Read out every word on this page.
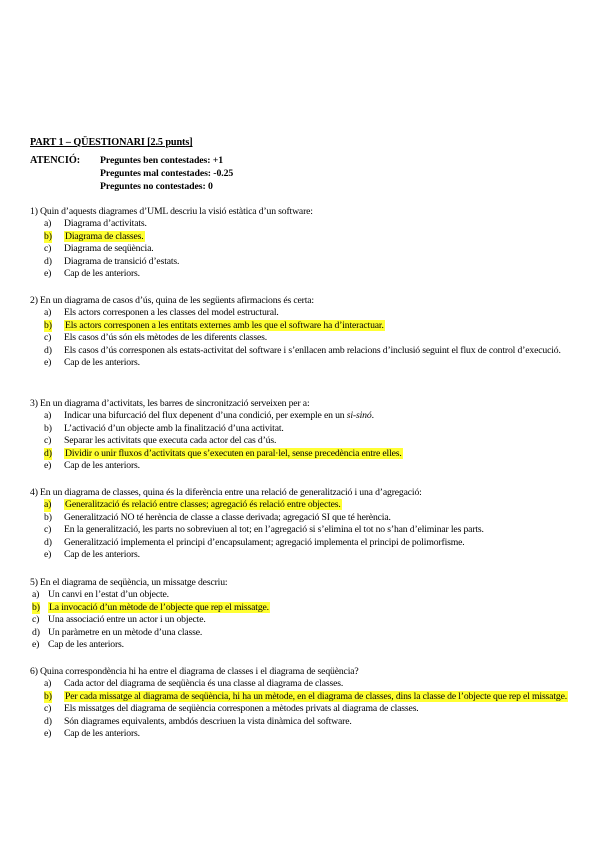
PART 1 – QÜESTIONARI [2.5 punts]
ATENCIÓ: Preguntes ben contestades: +1
Preguntes mal contestades: -0.25
Preguntes no contestades: 0
1) Quin d’aquests diagrames d’UML descriu la visió estàtica d’un software:
a) Diagrama d’activitats.
b) Diagrama de classes.
c) Diagrama de seqüència.
d) Diagrama de transició d’estats.
e) Cap de les anteriors.
2) En un diagrama de casos d’ús, quina de les següents afirmacions és certa:
a) Els actors corresponen a les classes del model estructural.
b) Els actors corresponen a les entitats externes amb les que el software ha d’interactuar.
c) Els casos d’ús són els mètodes de les diferents classes.
d) Els casos d’ús corresponen als estats-activitat del software i s’enllacen amb relacions d’inclusió seguint el flux de control d’execució.
e) Cap de les anteriors.
3) En un diagrama d’activitats, les barres de sincronització serveixen per a:
a) Indicar una bifurcació del flux depenent d’una condició, per exemple en un si-sinó.
b) L’activació d’un objecte amb la finalització d’una activitat.
c) Separar les activitats que executa cada actor del cas d’ús.
d) Dividir o unir fluxos d’activitats que s’executen en paral·lel, sense precedència entre elles.
e) Cap de les anteriors.
4) En un diagrama de classes, quina és la diferència entre una relació de generalització i una d’agregació:
a) Generalització és relació entre classes; agregació és relació entre objectes.
b) Generalització NO té herència de classe a classe derivada; agregació SI que té herència.
c) En la generalització, les parts no sobreviuen al tot; en l’agregació si s’elimina el tot no s’han d’eliminar les parts.
d) Generalització implementa el principi d’encapsulament; agregació implementa el principi de polimorfisme.
e) Cap de les anteriors.
5) En el diagrama de seqüència, un missatge descriu:
a) Un canvi en l’estat d’un objecte.
b) La invocació d’un mètode de l’objecte que rep el missatge.
c) Una associació entre un actor i un objecte.
d) Un paràmetre en un mètode d’una classe.
e) Cap de les anteriors.
6) Quina correspondència hi ha entre el diagrama de classes i el diagrama de seqüència?
a) Cada actor del diagrama de seqüència és una classe al diagrama de classes.
b) Per cada missatge al diagrama de seqüència, hi ha un mètode, en el diagrama de classes, dins la classe de l’objecte que rep el missatge.
c) Els missatges del diagrama de seqüència corresponen a mètodes privats al diagrama de classes.
d) Són diagrames equivalents, ambdós descriuen la vista dinàmica del software.
e) Cap de les anteriors.
